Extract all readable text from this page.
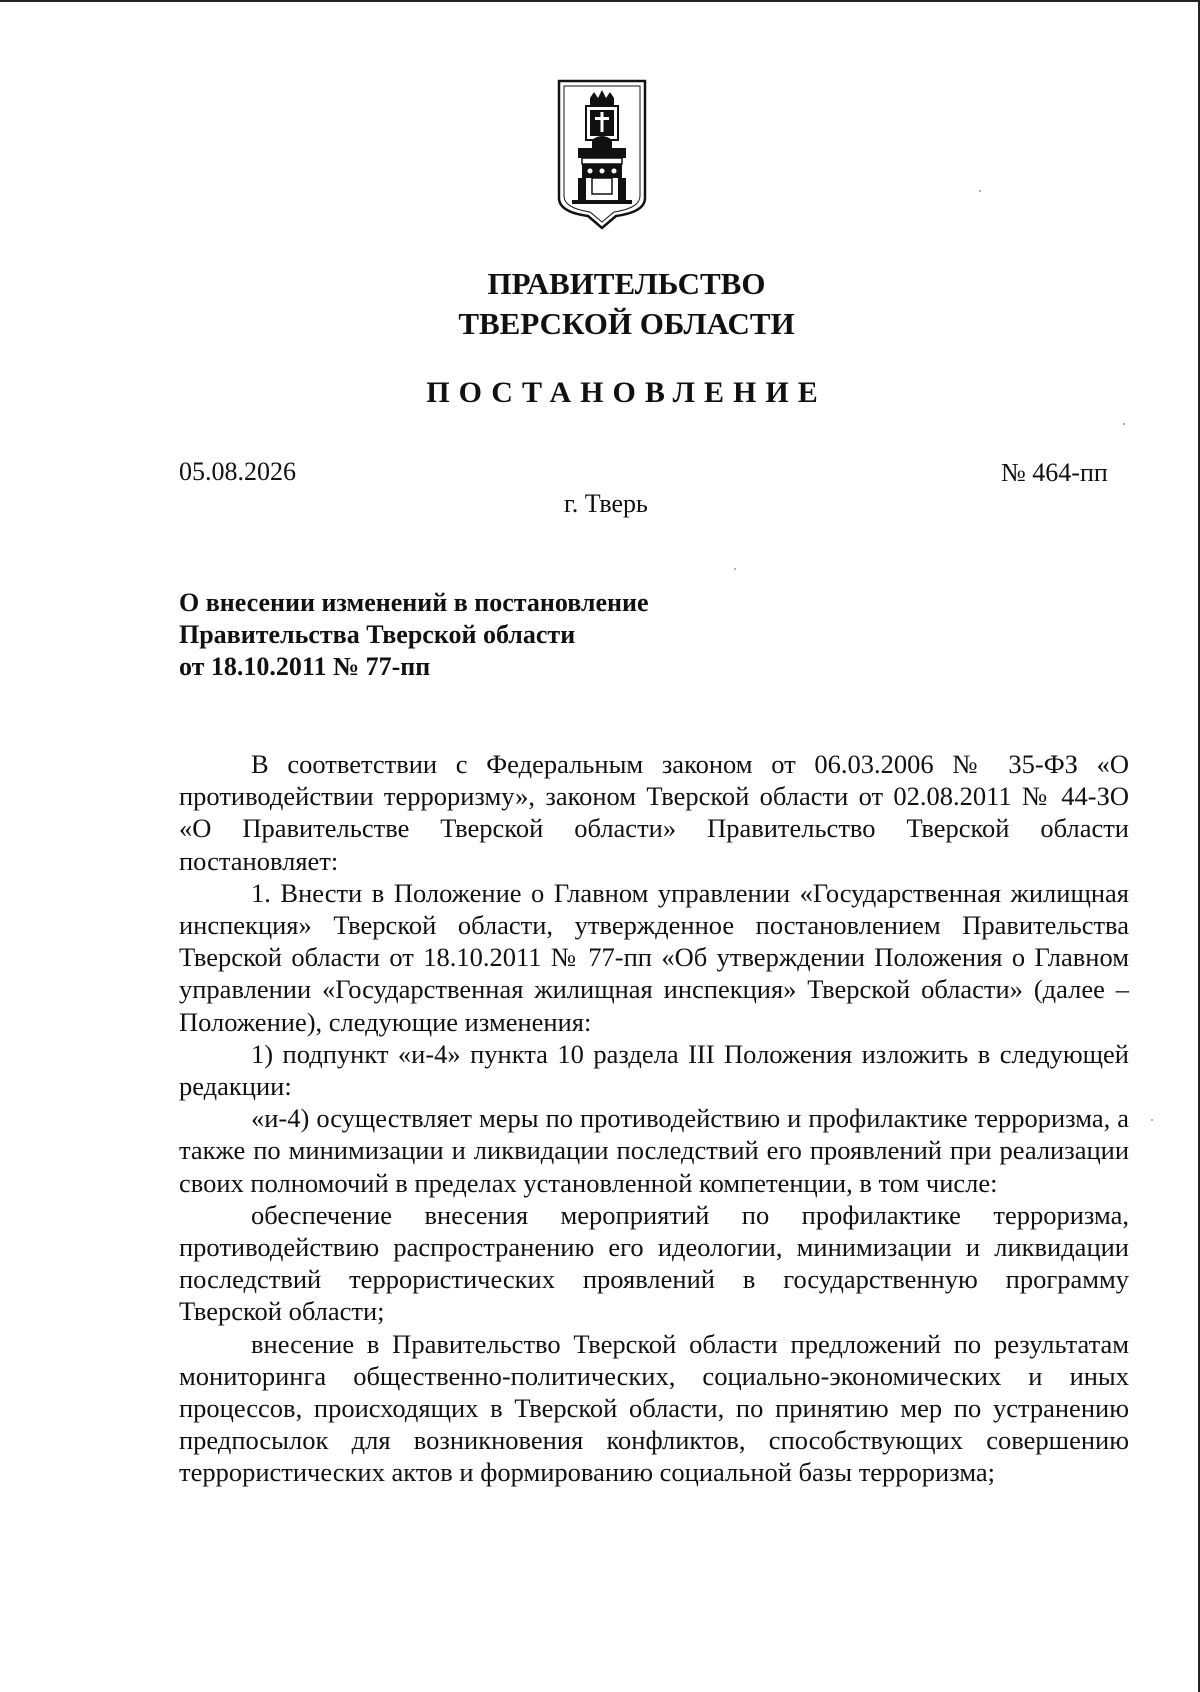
ПРАВИТЕЛЬСТВО
ТВЕРСКОЙ ОБЛАСТИ
ПОСТАНОВЛЕНИЕ
05.08.2026	№ 464-пп
г. Тверь
О внесении изменений в постановление
Правительства Тверской области
от 18.10.2011 № 77-пп

В соответствии с Федеральным законом от 06.03.2006 № 35-ФЗ «О противодействии терроризму», законом Тверской области от 02.08.2011 № 44-ЗО «О Правительстве Тверской области» Правительство Тверской области постановляет:

1. Внести в Положение о Главном управлении «Государственная жилищная инспекция» Тверской области, утвержденное постановлением Правительства Тверской области от 18.10.2011 № 77-пп «Об утверждении Положения о Главном управлении «Государственная жилищная инспекция» Тверской области» (далее – Положение), следующие изменения:

1) подпункт «и-4» пункта 10 раздела III Положения изложить в следующей редакции:

«и-4) осуществляет меры по противодействию и профилактике терроризма, а также по минимизации и ликвидации последствий его проявлений при реализации своих полномочий в пределах установленной компетенции, в том числе:

обеспечение внесения мероприятий по профилактике терроризма, противодействию распространению его идеологии, минимизации и ликвидации последствий террористических проявлений в государственную программу Тверской области;

внесение в Правительство Тверской области предложений по результатам мониторинга общественно-политических, социально-экономических и иных процессов, происходящих в Тверской области, по принятию мер по устранению предпосылок для возникновения конфликтов, способствующих совершению террористических актов и формированию социальной базы терроризма;
